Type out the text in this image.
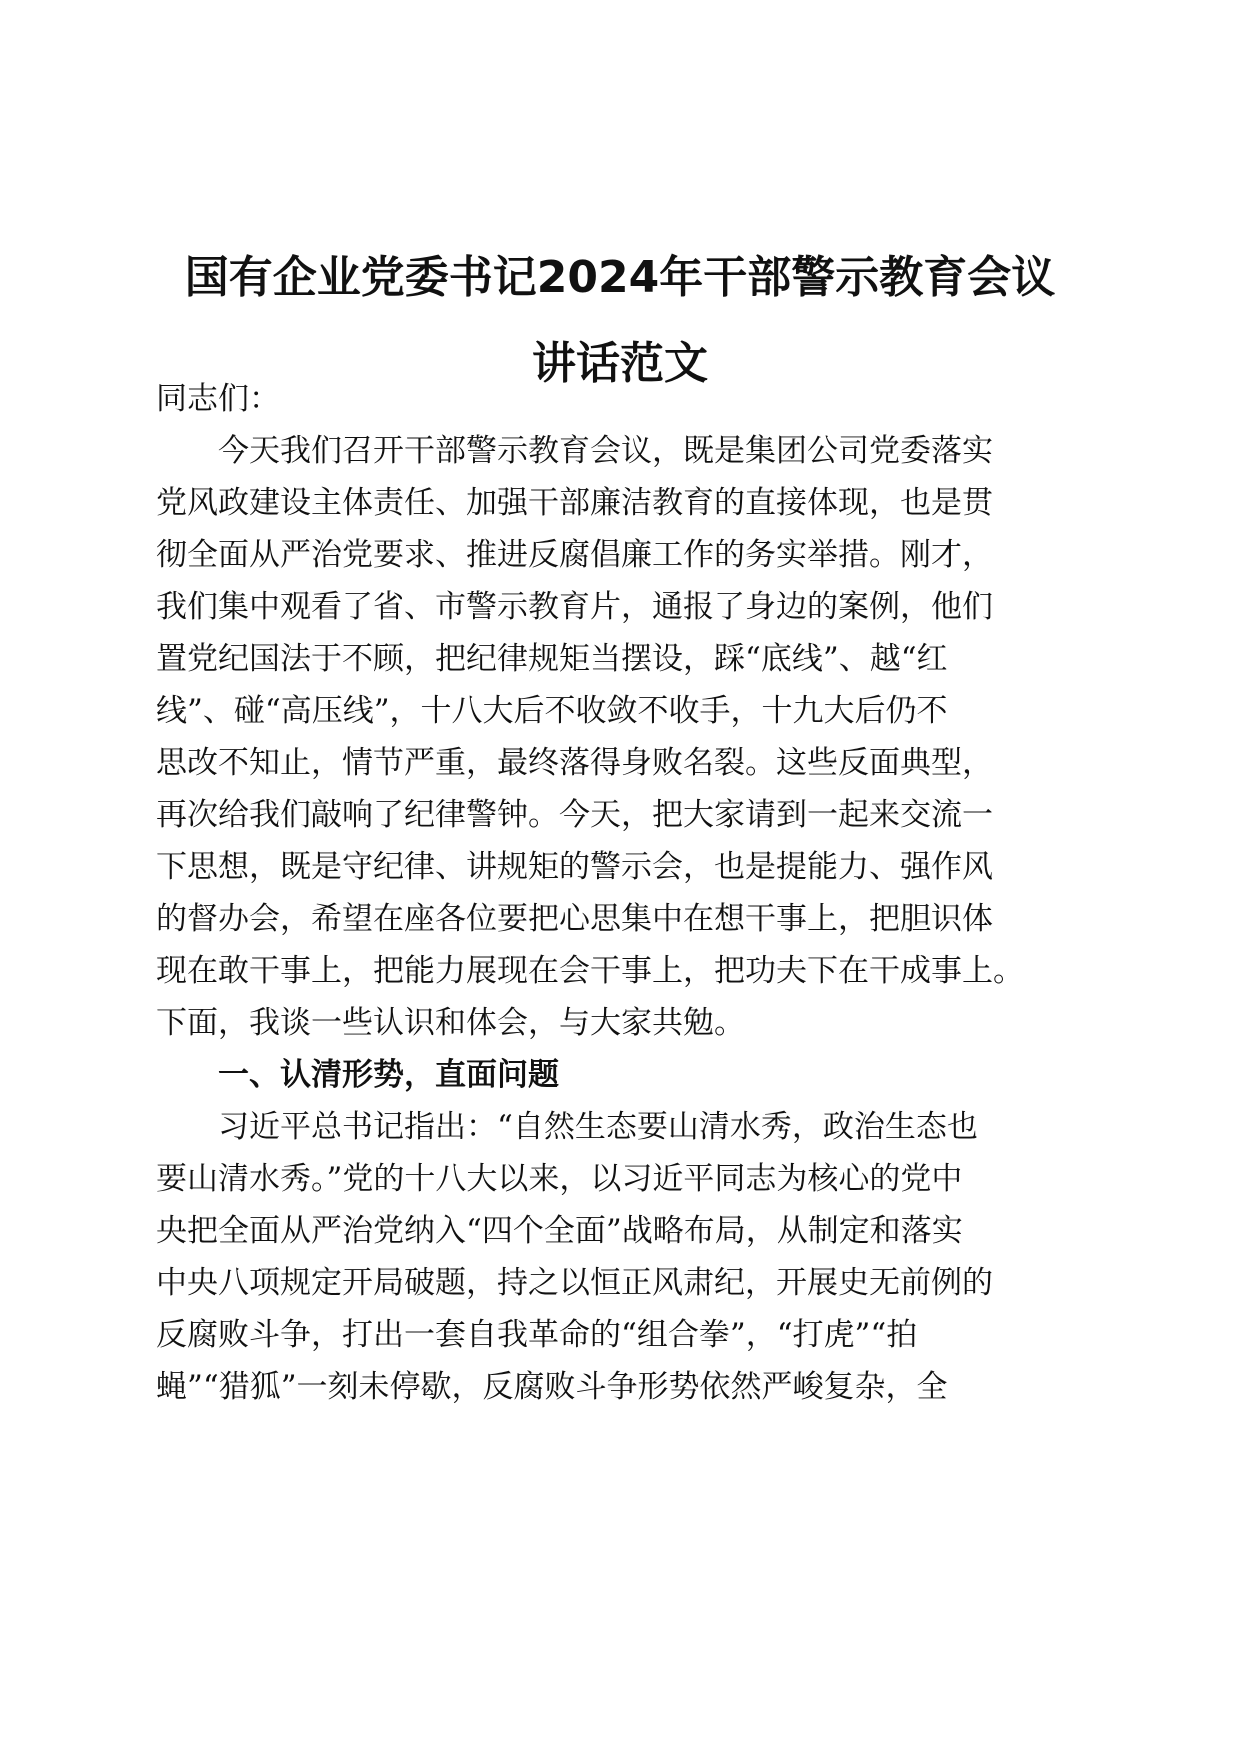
国有企业党委书记2024年干部警示教育会议
讲话范文

同志们：

今天我们召开干部警示教育会议，既是集团公司党委落实

党风政建设主体责任、加强干部廉洁教育的直接体现，也是贯

彻全面从严治党要求、推进反腐倡廉工作的务实举措。刚才，

我们集中观看了省、市警示教育片，通报了身边的案例，他们

置党纪国法于不顾，把纪律规矩当摆设，踩“底线”、越“红

线”、碰“高压线”，十八大后不收敛不收手，十九大后仍不

思改不知止，情节严重，最终落得身败名裂。这些反面典型，

再次给我们敲响了纪律警钟。今天，把大家请到一起来交流一

下思想，既是守纪律、讲规矩的警示会，也是提能力、强作风

的督办会，希望在座各位要把心思集中在想干事上，把胆识体

现在敢干事上，把能力展现在会干事上，把功夫下在干成事上。

下面，我谈一些认识和体会，与大家共勉。

一、认清形势，直面问题

习近平总书记指出：“自然生态要山清水秀，政治生态也

要山清水秀。”党的十八大以来，以习近平同志为核心的党中

央把全面从严治党纳入“四个全面”战略布局，从制定和落实

中央八项规定开局破题，持之以恒正风肃纪，开展史无前例的

反腐败斗争，打出一套自我革命的“组合拳”，“打虎”“拍

蝇”“猎狐”一刻未停歇，反腐败斗争形势依然严峻复杂，全
